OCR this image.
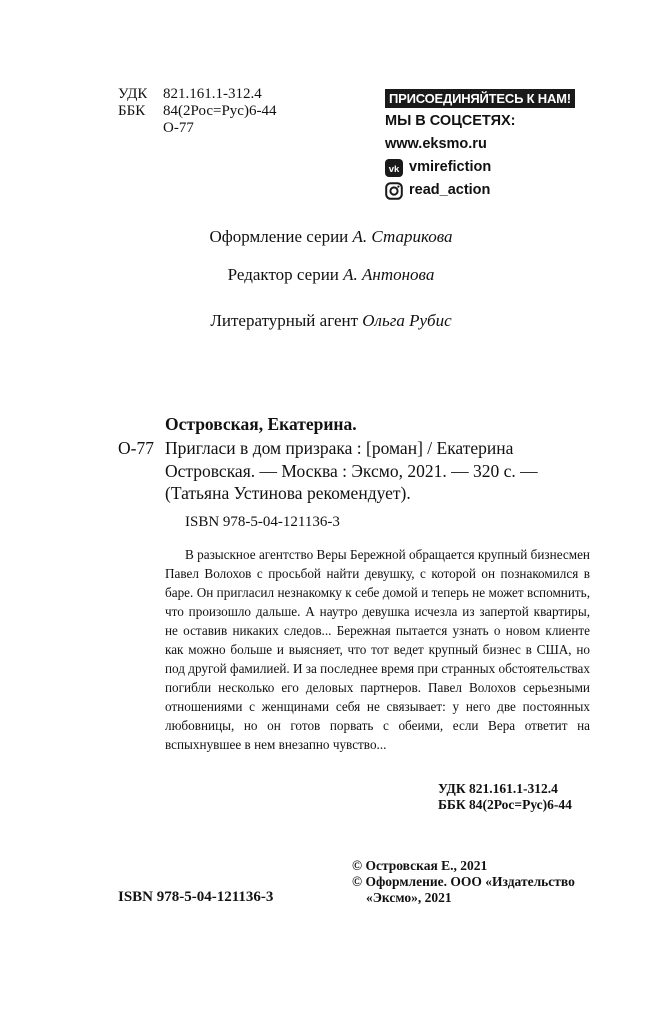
УДК 821.161.1-312.4
ББК 84(2Рос=Рус)6-44
О-77
ПРИСОЕДИНЯЙТЕСЬ К НАМ!
МЫ В СОЦСЕТЯХ:
www.eksmo.ru
vk vmirefiction
read_action
Оформление серии А. Старикова
Редактор серии А. Антонова
Литературный агент Ольга Рубис
Островская, Екатерина.
О-77 Пригласи в дом призрака : [роман] / Екатерина
Островская. — Москва : Эксмо, 2021. — 320 с. —
(Татьяна Устинова рекомендует).
ISBN 978-5-04-121136-3
В разыскное агентство Веры Бережной обращается крупный бизнесмен Павел Волохов с просьбой найти девушку, с которой он познакомился в баре. Он пригласил незнакомку к себе домой и теперь не может вспомнить, что произошло дальше. А наутро девушка исчезла из запертой квартиры, не оставив никаких следов... Бережная пытается узнать о новом клиенте как можно больше и выясняет, что тот ведет крупный бизнес в США, но под другой фамилией. И за последнее время при странных обстоятельствах погибли несколько его деловых партнеров. Павел Волохов серьезными отношениями с женщинами себя не связывает: у него две постоянных любовницы, но он готов порвать с обеими, если Вера ответит на вспыхнувшее в нем внезапно чувство...
УДК 821.161.1-312.4
ББК 84(2Рос=Рус)6-44
© Островская Е., 2021
© Оформление. ООО «Издательство
«Эксмо», 2021
ISBN 978-5-04-121136-3
